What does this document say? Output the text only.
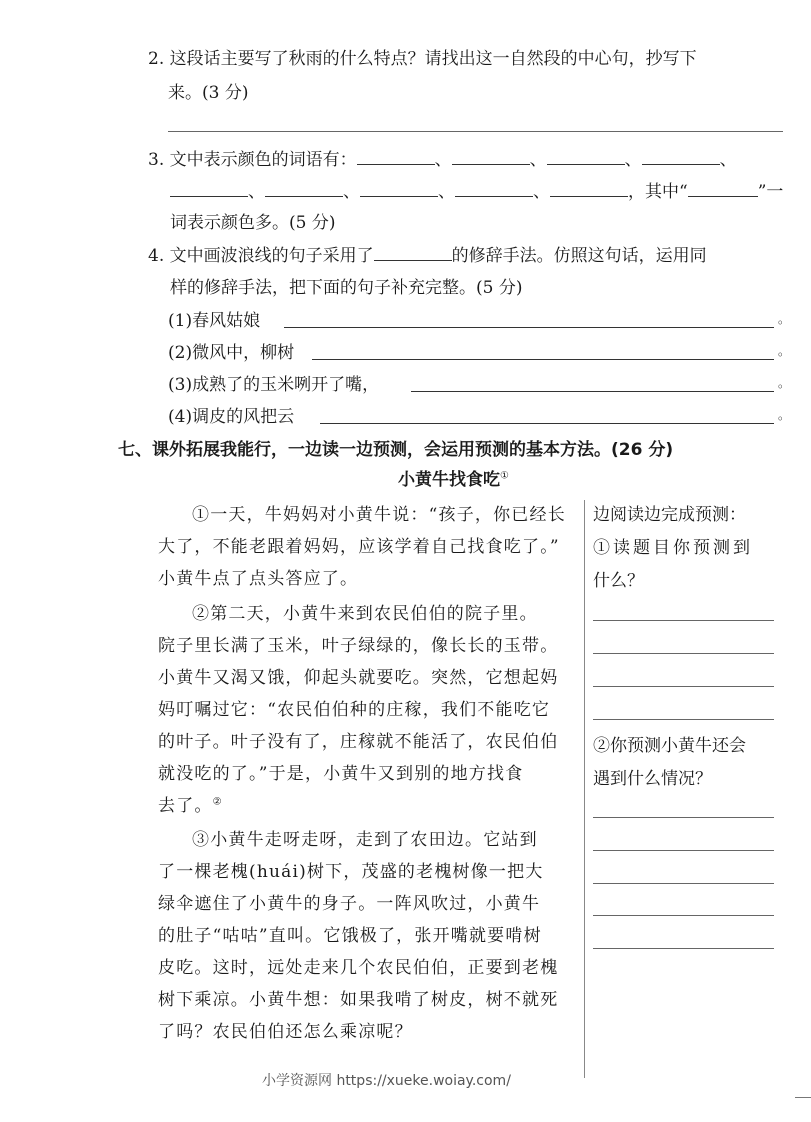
2. 这段话主要写了秋雨的什么特点？请找出这一自然段的中心句，抄写下
来。(3 分)
3. 文中表示颜色的词语有：	、	、	、	、
、	、	、	、	，其中“	”一
词表示颜色多。(5 分)
4. 文中画波浪线的句子采用了	的修辞手法。仿照这句话，运用同
样的修辞手法，把下面的句子补充完整。(5 分)
(1)春风姑娘	。
(2)微风中，柳树	。
(3)成熟了的玉米咧开了嘴，	。
(4)调皮的风把云	。
七、课外拓展我能行，一边读一边预测，会运用预测的基本方法。(26 分)
小黄牛找食吃①
①一天，牛妈妈对小黄牛说：“孩子，你已经长
大了，不能老跟着妈妈，应该学着自己找食吃了。”
小黄牛点了点头答应了。
②第二天，小黄牛来到农民伯伯的院子里。
院子里长满了玉米，叶子绿绿的，像长长的玉带。
小黄牛又渴又饿，仰起头就要吃。突然，它想起妈
妈叮嘱过它：“农民伯伯种的庄稼，我们不能吃它
的叶子。叶子没有了，庄稼就不能活了，农民伯伯
就没吃的了。”于是，小黄牛又到别的地方找食
去了。②
③小黄牛走呀走呀，走到了农田边。它站到
了一棵老槐(huái)树下，茂盛的老槐树像一把大
绿伞遮住了小黄牛的身子。一阵风吹过，小黄牛
的肚子“咕咕”直叫。它饿极了，张开嘴就要啃树
皮吃。这时，远处走来几个农民伯伯，正要到老槐
树下乘凉。小黄牛想：如果我啃了树皮，树不就死
了吗？农民伯伯还怎么乘凉呢？
边阅读边完成预测：
①读题目你预测到
什么？
②你预测小黄牛还会
遇到什么情况？
小学资源网 https://xueke.woiay.com/
